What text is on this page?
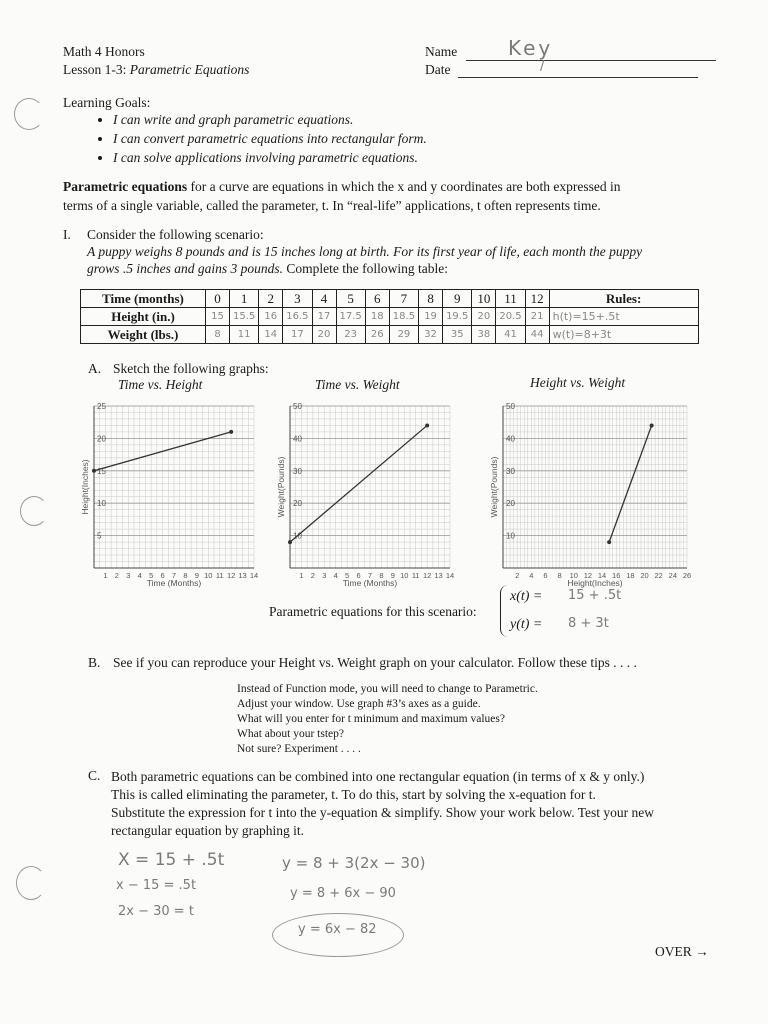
Math 4 Honors
Lesson 1-3: Parametric Equations
Name	Key
Date	/
Learning Goals:
• I can write and graph parametric equations.
• I can convert parametric equations into rectangular form.
• I can solve applications involving parametric equations.
Parametric equations for a curve are equations in which the x and y coordinates are both expressed in
terms of a single variable, called the parameter, t. In “real-life” applications, t often represents time.
I. Consider the following scenario:
A puppy weighs 8 pounds and is 15 inches long at birth. For its first year of life, each month the puppy
grows .5 inches and gains 3 pounds. Complete the following table:
Time (months)	0	1	2	3	4	5	6	7	8	9	10	11	12	Rules:
Height (in.)	15	15.5	16	16.5	17	17.5	18	18.5	19	19.5	20	20.5	21	h(t)=15+.5t
Weight (lbs.)	8	11	14	17	20	23	26	29	32	35	38	41	44	w(t)=8+3t
A. Sketch the following graphs:
Time vs. Height	Time vs. Weight	Height vs. Weight
5
10
15
20
25
1 2 3 4 5 6 7 8 9 10 11 12 13 14
Time (Months)
Height(Inches)
10
20
30
40
50
1 2 3 4 5 6 7 8 9 10 11 12 13 14
Time (Months)
Weight(Pounds)
10
20
30
40
50
2 4 6 8 10 12 14 16 18 20 22 24 26
Height(Inches)
Weight(Pounds)
Parametric equations for this scenario:
x(t) = 15 + .5t
y(t) = 8 + 3t
B. See if you can reproduce your Height vs. Weight graph on your calculator. Follow these tips . . . .
Instead of Function mode, you will need to change to Parametric.
Adjust your window. Use graph #3’s axes as a guide.
What will you enter for t minimum and maximum values?
What about your tstep?
Not sure? Experiment . . . .
C. Both parametric equations can be combined into one rectangular equation (in terms of x & y only.)
This is called eliminating the parameter, t. To do this, start by solving the x-equation for t.
Substitute the expression for t into the y-equation & simplify. Show your work below. Test your new
rectangular equation by graphing it.
X = 15 + .5t
x − 15 = .5t
2x − 30 = t
y = 8 + 3(2x − 30)
y = 8 + 6x − 90
y = 6x − 82
OVER →
